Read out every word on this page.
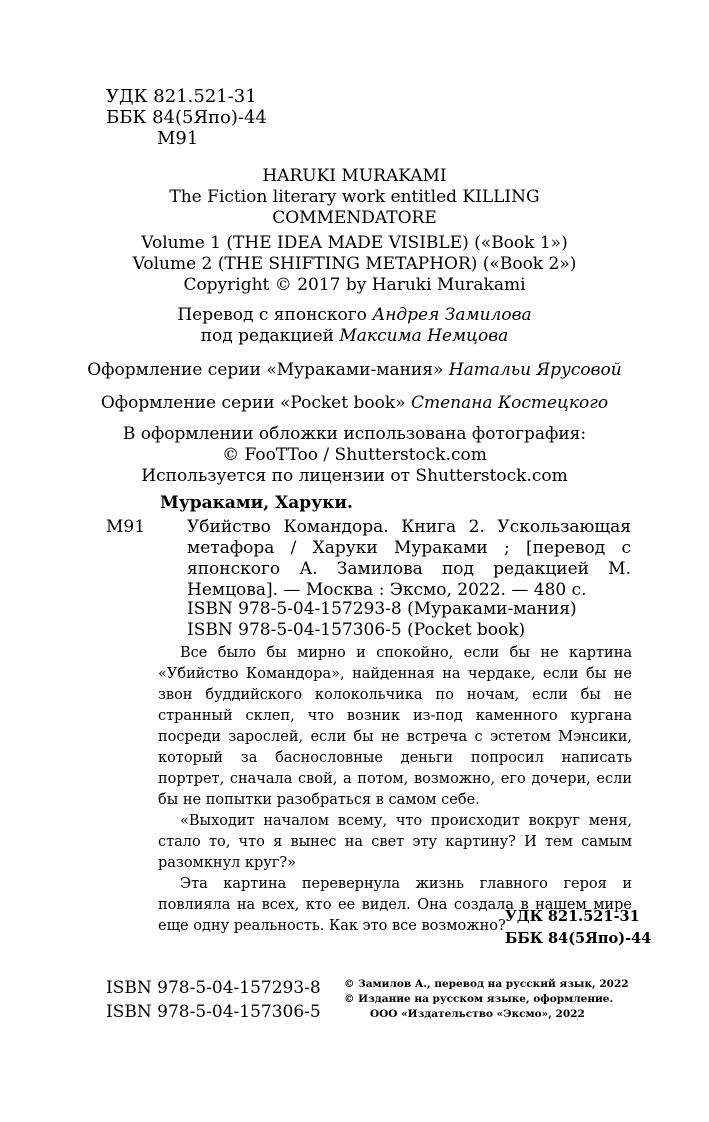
УДК 821.521-31
ББК 84(5Япо)-44
М91
HARUKI MURAKAMI
The Fiction literary work entitled KILLING
COMMENDATORE
Volume 1 (THE IDEA MADE VISIBLE) («Book 1»)
Volume 2 (THE SHIFTING METAPHOR) («Book 2»)
Copyright © 2017 by Haruki Murakami
Перевод с японского Андрея Замилова
под редакцией Максима Немцова
Оформление серии «Мураками-мания» Натальи Ярусовой
Оформление серии «Pocket book» Степана Костецкого
В оформлении обложки использована фотография:
© FooTToo / Shutterstock.com
Используется по лицензии от Shutterstock.com
Мураками, Харуки.
М91 Убийство Командора. Книга 2. Ускользающая метафора / Харуки Мураками ; [перевод с японского А. Замилова под редакцией М. Немцова]. — Москва : Эксмо, 2022. — 480 с.
ISBN 978-5-04-157293-8 (Мураками-мания)
ISBN 978-5-04-157306-5 (Pocket book)

Все было бы мирно и спокойно, если бы не картина «Убийство Командора», найденная на чердаке, если бы не звон буддийского колокольчика по ночам, если бы не странный склеп, что возник из-под каменного кургана посреди зарослей, если бы не встреча с эстетом Мэнсики, который за баснословные деньги попросил написать портрет, сначала свой, а потом, возможно, его дочери, если бы не попытки разобраться в самом себе.

«Выходит началом всему, что происходит вокруг меня, стало то, что я вынес на свет эту картину? И тем самым разомкнул круг?»

Эта картина перевернула жизнь главного героя и повлияла на всех, кто ее видел. Она создала в нашем мире еще одну реальность. Как это все возможно?

УДК 821.521-31
ББК 84(5Япо)-44
ISBN 978-5-04-157293-8
ISBN 978-5-04-157306-5
© Замилов А., перевод на русский язык, 2022
© Издание на русском языке, оформление.
ООО «Издательство «Эксмо», 2022
